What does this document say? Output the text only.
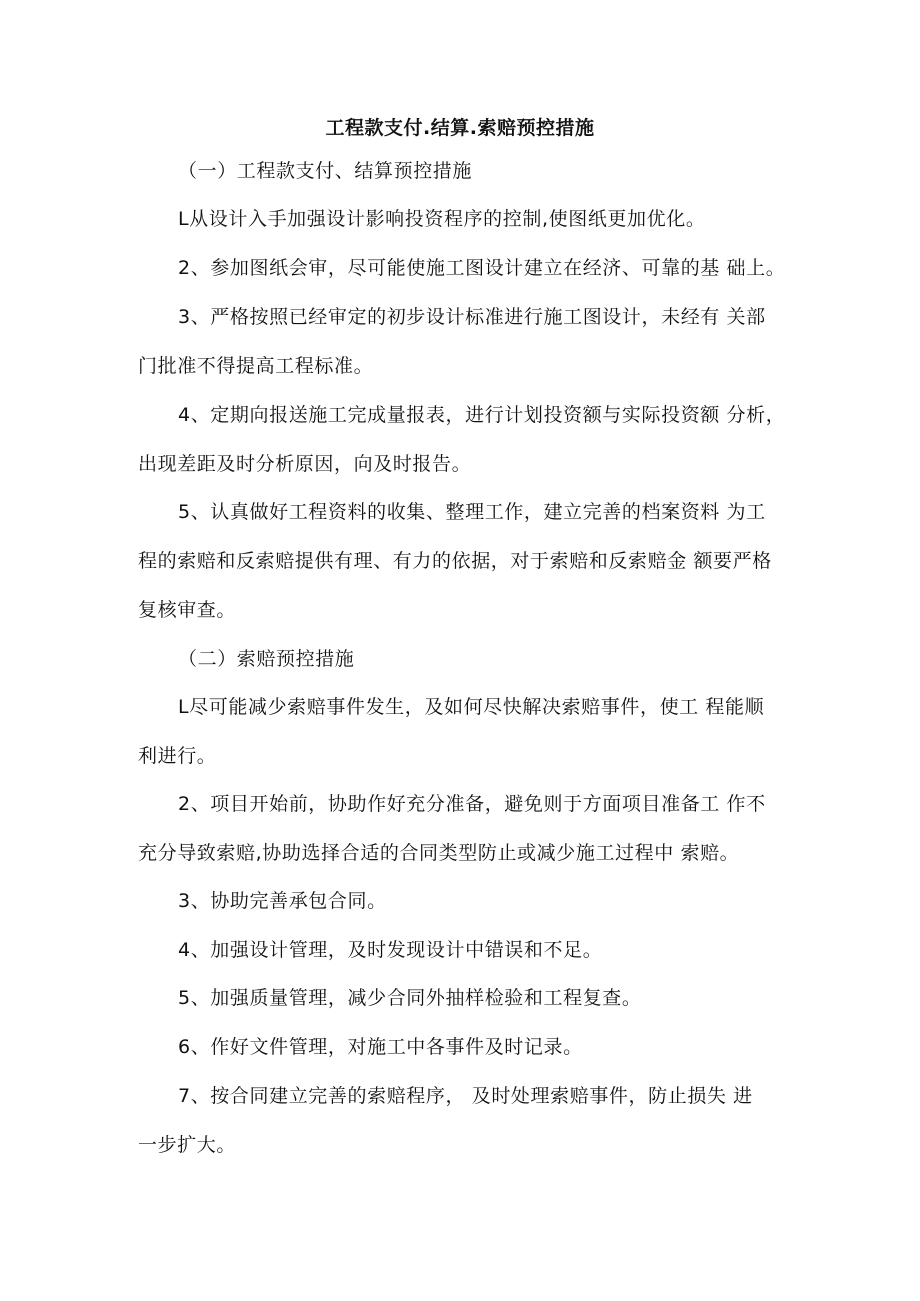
工程款支付.结算.索赔预控措施
（一）工程款支付、结算预控措施
L从设计入手加强设计影响投资程序的控制,使图纸更加优化。
2、参加图纸会审，尽可能使施工图设计建立在经济、可靠的基 础上。
3、严格按照已经审定的初步设计标准进行施工图设计，未经有 关部
门批准不得提高工程标准。
4、定期向报送施工完成量报表，进行计划投资额与实际投资额 分析，
出现差距及时分析原因，向及时报告。
5、认真做好工程资料的收集、整理工作，建立完善的档案资料 为工
程的索赔和反索赔提供有理、有力的依据，对于索赔和反索赔金 额要严格
复核审查。
（二）索赔预控措施
L尽可能减少索赔事件发生，及如何尽快解决索赔事件，使工 程能顺
利进行。
2、项目开始前，协助作好充分准备，避免则于方面项目准备工 作不
充分导致索赔,协助选择合适的合同类型防止或减少施工过程中 索赔。
3、协助完善承包合同。
4、加强设计管理，及时发现设计中错误和不足。
5、加强质量管理，减少合同外抽样检验和工程复查。
6、作好文件管理，对施工中各事件及时记录。
7、按合同建立完善的索赔程序， 及时处理索赔事件，防止损失 进
一步扩大。
